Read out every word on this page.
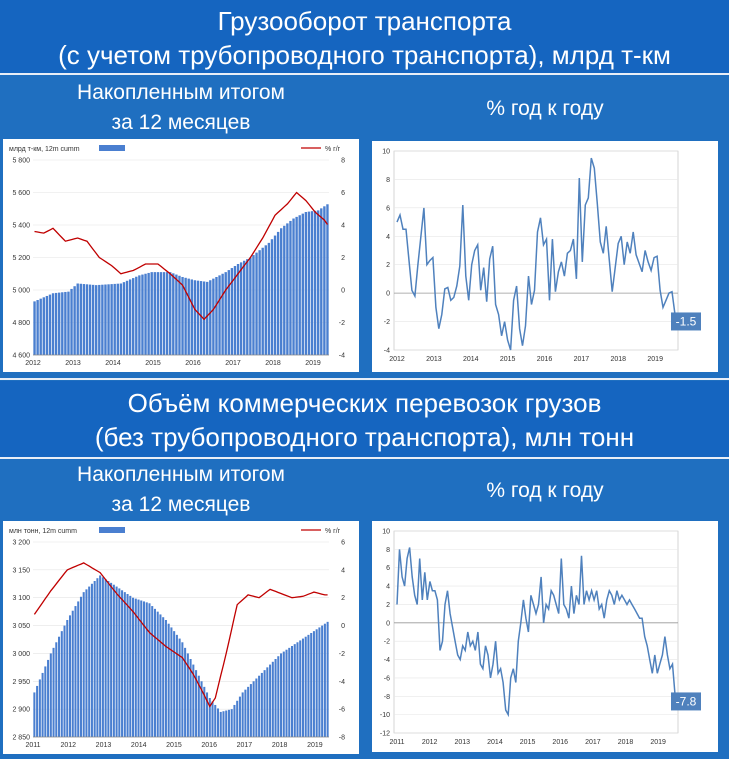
Грузооборот транспорта
(с учетом трубопроводного транспорта), млрд т-км
Накопленным итогом
за 12 месяцев
% год к году
млрд т-км, 12m cumm	% г/г
4 600
4 800
5 000
5 200
5 400
5 600
5 800
-4
-2
0
2
4
6
8
2012	2013	2014	2015	2016	2017	2018	2019
-4
-2
0
2
4
6
8
10
2012	2013	2014	2015	2016	2017	2018	2019
-1.5
Объём коммерческих перевозок грузов
(без трубопроводного транспорта), млн тонн
Накопленным итогом
за 12 месяцев
% год к году
млн тонн, 12m cumm	% г/г
2 850
2 900
2 950
3 000
3 050
3 100
3 150
3 200
-8
-6
-4
-2
0
2
4
6
2011	2012	2013	2014	2015	2016	2017	2018	2019
-12
-10
-8
-6
-4
-2
0
2
4
6
8
10
2011 2012 2013 2014 2015 2016 2017 2018 2019
-7.8
